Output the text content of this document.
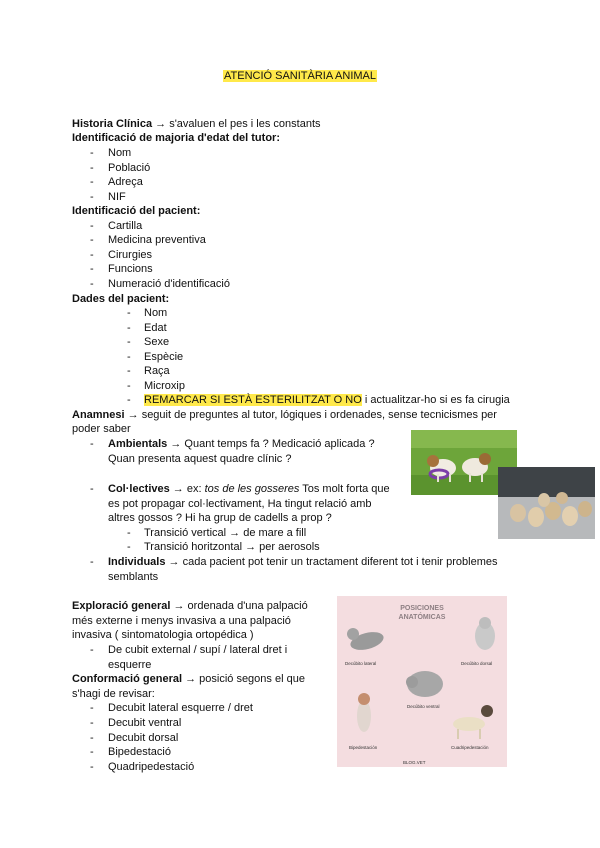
ATENCIÓ SANITÀRIA ANIMAL
Historia Clínica → s'avaluen el pes i les constants
Identificació de majoria d'edat del tutor:
- Nom
- Població
- Adreça
- NIF
Identificació del pacient:
- Cartilla
- Medicina preventiva
- Cirurgies
- Funcions
- Numeració d'identificació
Dades del pacient:
- Nom
- Edat
- Sexe
- Espècie
- Raça
- Microxip
- REMARCAR SI ESTÀ ESTERILITZAT O NO i actualitzar-ho si es fa cirugia
Anamnesi → seguit de preguntes al tutor, lógiques i ordenades, sense tecnicismes per
poder saber
- Ambientals → Quant temps fa ? Medicació aplicada ?
Quan presenta aquest quadre clínic ?
- Col·lectives → ex: tos de les gosseres Tos molt forta que
es pot propagar col·lectivament, Ha tingut relació amb
altres gossos ? Hi ha grup de cadells a prop ?
- Transició vertical → de mare a fill
- Transició horitzontal → per aerosols
- Individuals → cada pacient pot tenir un tractament diferent tot i tenir problemes
semblants
Exploració general → ordenada d'una palpació
més externe i menys invasiva a una palpació
invasiva ( sintomatologia ortopédica )
- De cubit external / supí / lateral dret i
esquerre
Conformació general → posició segons el que
s'hagi de revisar:
- Decubit lateral esquerre / dret
- Decubit ventral
- Decubit dorsal
- Bipedestació
- Quadripedestació
POSICIONES
ANATÓMICAS
Decúbito lateral	Decúbito dorsal
Decúbito ventral
Bipedestación	Cuadripedestación
BLOG.VET
